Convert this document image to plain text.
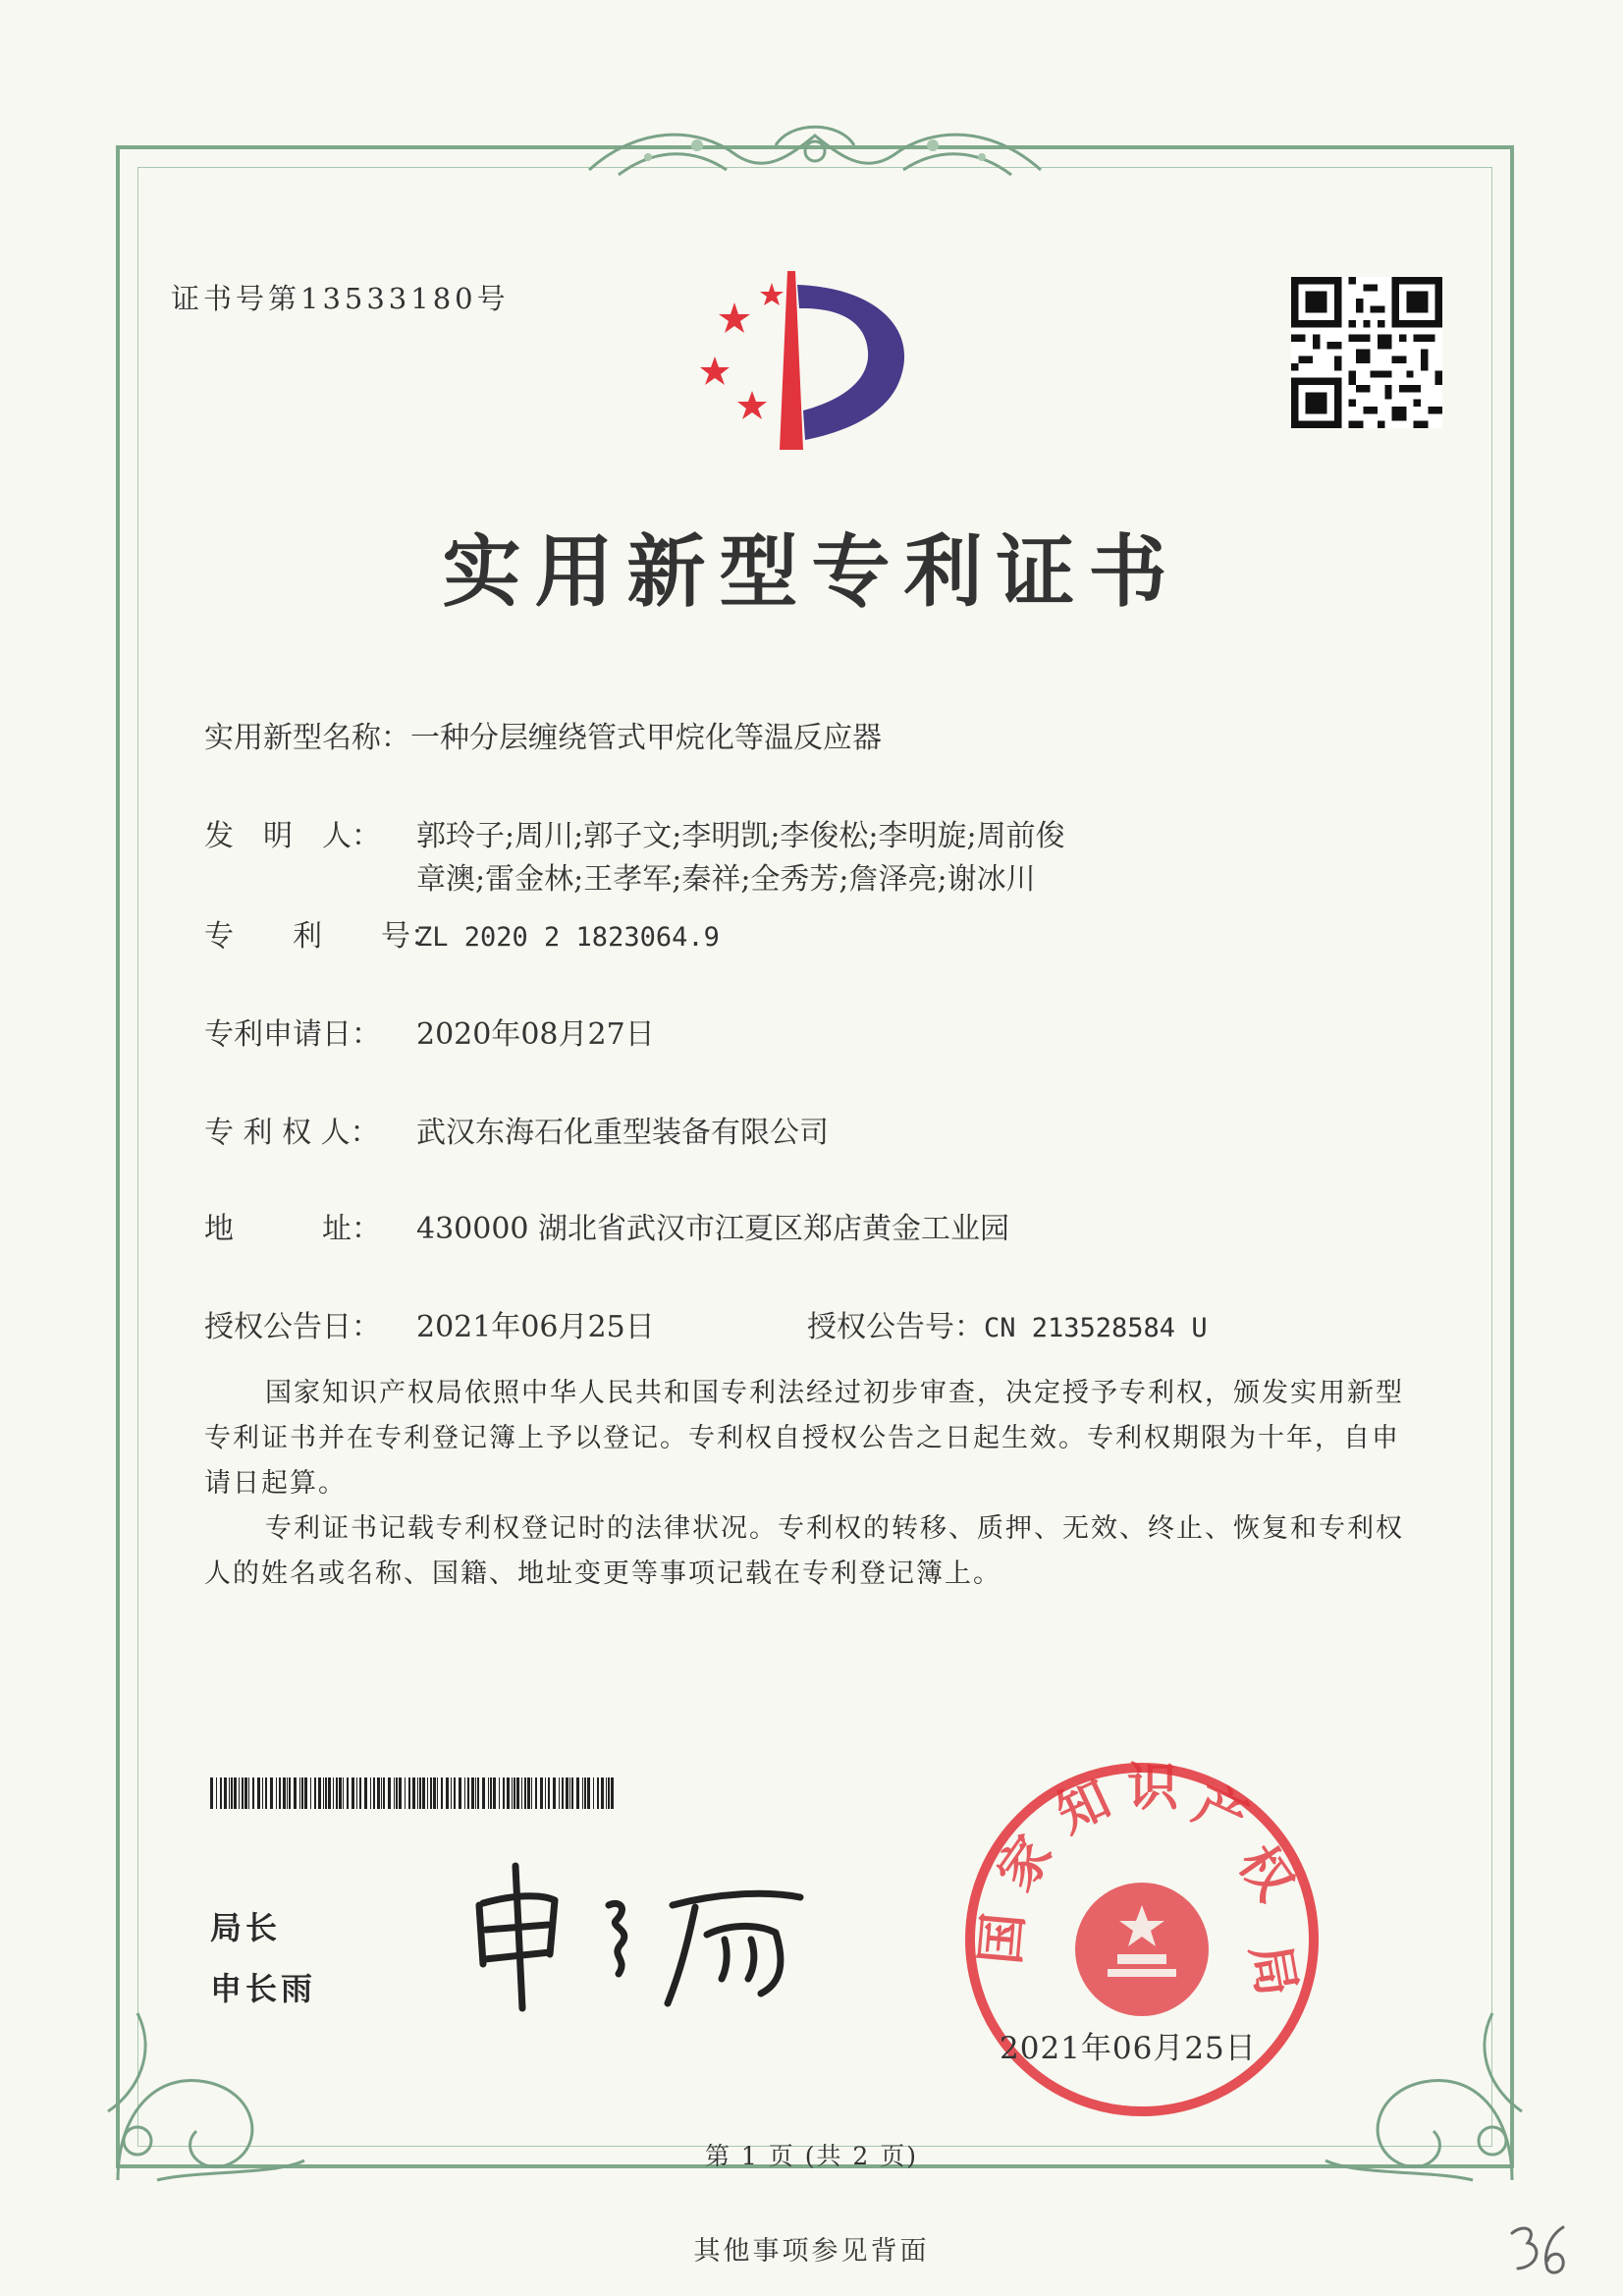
证书号第13533180号
实用新型专利证书
实用新型名称：一种分层缠绕管式甲烷化等温反应器
发　明　人： 郭玲子;周川;郭子文;李明凯;李俊松;李明旋;周前俊
章澳;雷金林;王孝军;秦祥;全秀芳;詹泽亮;谢冰川
专　　利　　号：ZL 2020 2 1823064.9
专利申请日： 2020年08月27日
专 利 权 人： 武汉东海石化重型装备有限公司
地　　　址： 430000 湖北省武汉市江夏区郑店黄金工业园
授权公告日： 2021年06月25日	授权公告号：CN 213528584 U

国家知识产权局依照中华人民共和国专利法经过初步审查，决定授予专利权，颁发实用新型专利证书并在专利登记簿上予以登记。专利权自授权公告之日起生效。专利权期限为十年，自申请日起算。

专利证书记载专利权登记时的法律状况。专利权的转移、质押、无效、终止、恢复和专利权人的姓名或名称、国籍、地址变更等事项记载在专利登记簿上。

局长
申长雨
家
知 识 产
权
国
局
2021年06月25日
第 1 页 (共 2 页)
其他事项参见背面
